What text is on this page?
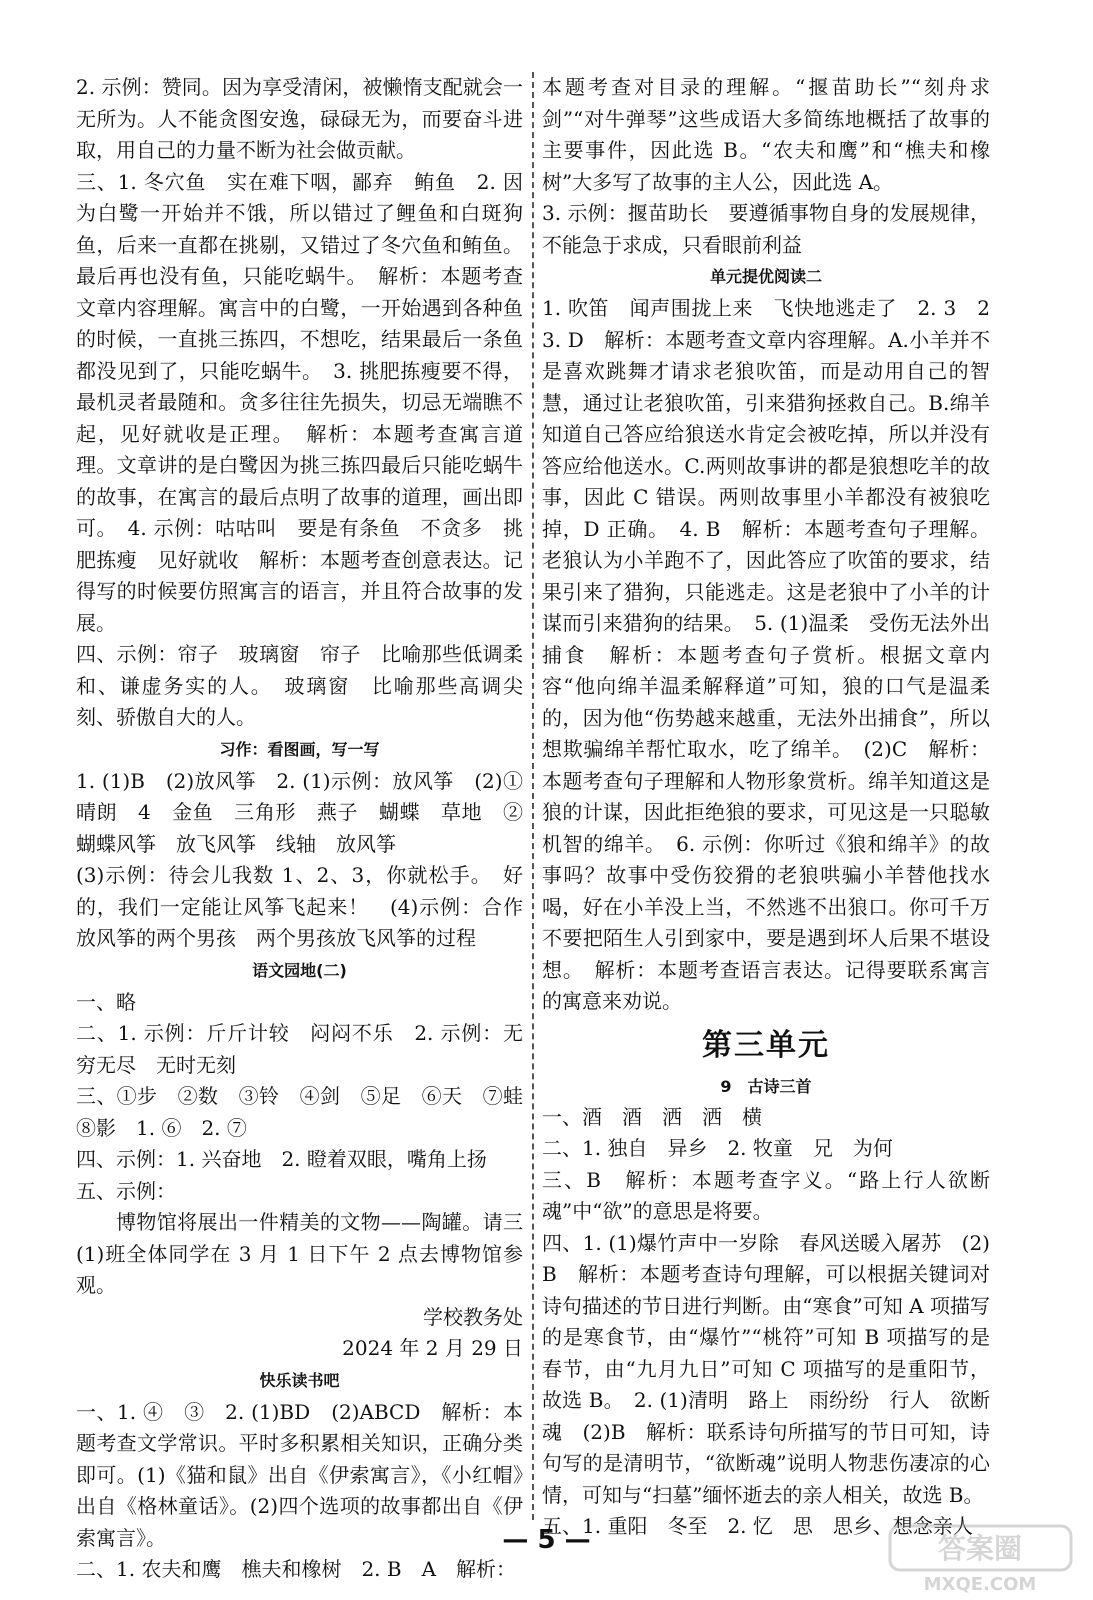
2. 示例：赞同。因为享受清闲，被懒惰支配就会一无所为。人不能贪图安逸，碌碌无为，而要奋斗进取，用自己的力量不断为社会做贡献。
三、1. 冬穴鱼　实在难下咽，鄙弃　鲔鱼　2. 因为白鹭一开始并不饿，所以错过了鲤鱼和白斑狗鱼，后来一直都在挑剔，又错过了冬穴鱼和鲔鱼。最后再也没有鱼，只能吃蜗牛。　解析：本题考查文章内容理解。寓言中的白鹭，一开始遇到各种鱼的时候，一直挑三拣四，不想吃，结果最后一条鱼都没见到了，只能吃蜗牛。　3. 挑肥拣瘦要不得，最机灵者最随和。贪多往往先损失，切忌无端瞧不起，见好就收是正理。　解析：本题考查寓言道理。文章讲的是白鹭因为挑三拣四最后只能吃蜗牛的故事，在寓言的最后点明了故事的道理，画出即可。　4. 示例：咕咕叫　要是有条鱼　不贪多　挑肥拣瘦　见好就收　解析：本题考查创意表达。记得写的时候要仿照寓言的语言，并且符合故事的发展。
四、示例：帘子　玻璃窗　帘子　比喻那些低调柔和、谦虚务实的人。　玻璃窗　比喻那些高调尖刻、骄傲自大的人。
习作：看图画，写一写
1. (1)B　(2)放风筝　2. (1)示例：放风筝　(2)①晴朗　4　金鱼　三角形　燕子　蝴蝶　草地　②蝴蝶风筝　放飞风筝　线轴　放风筝
(3)示例：待会儿我数 1、2、3，你就松手。　好的，我们一定能让风筝飞起来！　(4)示例：合作放风筝的两个男孩　两个男孩放飞风筝的过程
语文园地(二)
一、略
二、1. 示例：斤斤计较　闷闷不乐　2. 示例：无穷无尽　无时无刻
三、①步　②数　③铃　④剑　⑤足　⑥天　⑦蛙　⑧影　1. ⑥　2. ⑦
四、示例：1. 兴奋地　2. 瞪着双眼，嘴角上扬
五、示例：
博物馆将展出一件精美的文物——陶罐。请三(1)班全体同学在 3 月 1 日下午 2 点去博物馆参观。
学校教务处
2024 年 2 月 29 日
快乐读书吧
一、1. ④　③　2. (1)BD　(2)ABCD　解析：本题考查文学常识。平时多积累相关知识，正确分类即可。(1)《猫和鼠》出自《伊索寓言》，《小红帽》出自《格林童话》。(2)四个选项的故事都出自《伊索寓言》。
二、1. 农夫和鹰　樵夫和橡树　2. B　A　解析：
本题考查对目录的理解。“揠苗助长”“刻舟求剑”“对牛弹琴”这些成语大多简练地概括了故事的主要事件，因此选 B。“农夫和鹰”和“樵夫和橡树”大多写了故事的主人公，因此选 A。
3. 示例：揠苗助长　要遵循事物自身的发展规律，不能急于求成，只看眼前利益
单元提优阅读二
1. 吹笛　闻声围拢上来　飞快地逃走了　2. 3　2　3. D　解析：本题考查文章内容理解。A.小羊并不是喜欢跳舞才请求老狼吹笛，而是动用自己的智慧，通过让老狼吹笛，引来猎狗拯救自己。B.绵羊知道自己答应给狼送水肯定会被吃掉，所以并没有答应给他送水。C.两则故事讲的都是狼想吃羊的故事，因此 C 错误。两则故事里小羊都没有被狼吃掉，D 正确。　4. B　解析：本题考查句子理解。老狼认为小羊跑不了，因此答应了吹笛的要求，结果引来了猎狗，只能逃走。这是老狼中了小羊的计谋而引来猎狗的结果。　5. (1)温柔　受伤无法外出捕食　解析：本题考查句子赏析。根据文章内容“他向绵羊温柔解释道”可知，狼的口气是温柔的，因为他“伤势越来越重，无法外出捕食”，所以想欺骗绵羊帮忙取水，吃了绵羊。　(2)C　解析：本题考查句子理解和人物形象赏析。绵羊知道这是狼的计谋，因此拒绝狼的要求，可见这是一只聪敏机智的绵羊。　6. 示例：你听过《狼和绵羊》的故事吗？故事中受伤狡猾的老狼哄骗小羊替他找水喝，好在小羊没上当，不然逃不出狼口。你可千万不要把陌生人引到家中，要是遇到坏人后果不堪设想。　解析：本题考查语言表达。记得要联系寓言的寓意来劝说。
第三单元
9　古诗三首
一、酒　酒　洒　洒　横
二、1. 独自　异乡　2. 牧童　兄　为何
三、B　解析：本题考查字义。“路上行人欲断魂”中“欲”的意思是将要。
四、1. (1)爆竹声中一岁除　春风送暖入屠苏　(2)B　解析：本题考查诗句理解，可以根据关键词对诗句描述的节日进行判断。由“寒食”可知 A 项描写的是寒食节，由“爆竹”“桃符”可知 B 项描写的是春节，由“九月九日”可知 C 项描写的是重阳节，故选 B。　2. (1)清明　路上　雨纷纷　行人　欲断魂　(2)B　解析：联系诗句所描写的节日可知，诗句写的是清明节，“欲断魂”说明人物悲伤凄凉的心情，可知与“扫墓”缅怀逝去的亲人相关，故选 B。
五、1. 重阳　冬至　2. 忆　思　思乡、想念亲人
— 5 —	答案圈
MXQE.COM
